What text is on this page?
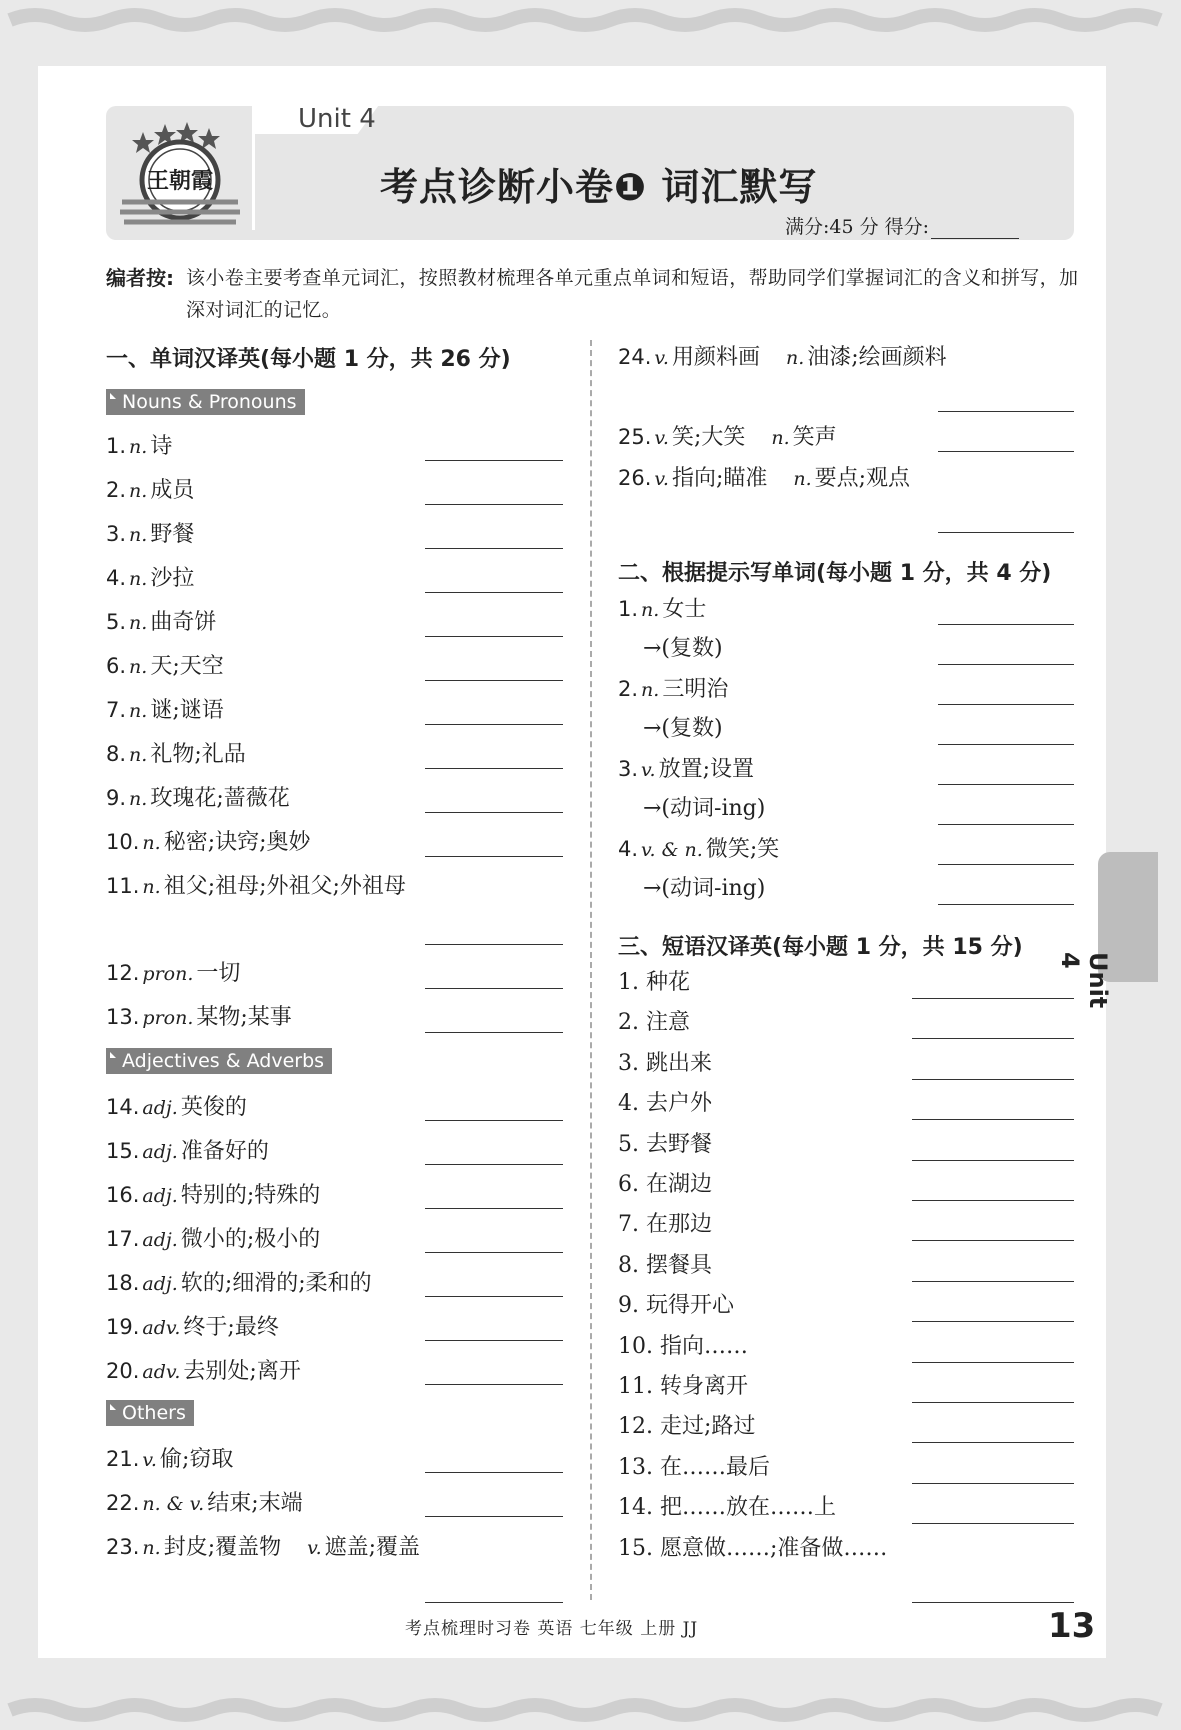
Unit 4
王朝霞	考点诊断小卷❶ 词汇默写
满分:45 分 得分:
编者按: 该小卷主要考查单元词汇，按照教材梳理各单元重点单词和短语，帮助同学们掌握词汇的含义和拼写，加深对词汇的记忆。
一、单词汉译英(每小题 1 分，共 26 分)
Nouns & Pronouns
Adjectives & Adverbs
Others
1. n. 诗
2. n. 成员
3. n. 野餐
4. n. 沙拉
5. n. 曲奇饼
6. n. 天;天空
7. n. 谜;谜语
8. n. 礼物;礼品
9. n. 玫瑰花;蔷薇花
10. n. 秘密;诀窍;奥妙
11. n. 祖父;祖母;外祖父;外祖母
12. pron. 一切
13. pron. 某物;某事
14. adj. 英俊的
15. adj. 准备好的
16. adj. 特别的;特殊的
17. adj. 微小的;极小的
18. adj. 软的;细滑的;柔和的
19. adv. 终于;最终
20. adv. 去别处;离开
21. v. 偷;窃取
22. n. & v. 结束;末端
23. n. 封皮;覆盖物 v. 遮盖;覆盖
24. v. 用颜料画 n. 油漆;绘画颜料
25. v. 笑;大笑 n. 笑声
26. v. 指向;瞄准 n. 要点;观点
1. n. 女士
→(复数)
2. n. 三明治
→(复数)
3. v. 放置;设置
→(动词-ing)
4. v. & n. 微笑;笑
→(动词-ing)
1. 种花
2. 注意
3. 跳出来
4. 去户外
5. 去野餐
6. 在湖边
7. 在那边
8. 摆餐具
9. 玩得开心
10. 指向……
11. 转身离开
12. 走过;路过
13. 在……最后
14. 把……放在……上
15. 愿意做……;准备做……
二、根据提示写单词(每小题 1 分，共 4 分)
三、短语汉译英(每小题 1 分，共 15 分)
考点梳理时习卷 英语 七年级 上册 JJ	13
